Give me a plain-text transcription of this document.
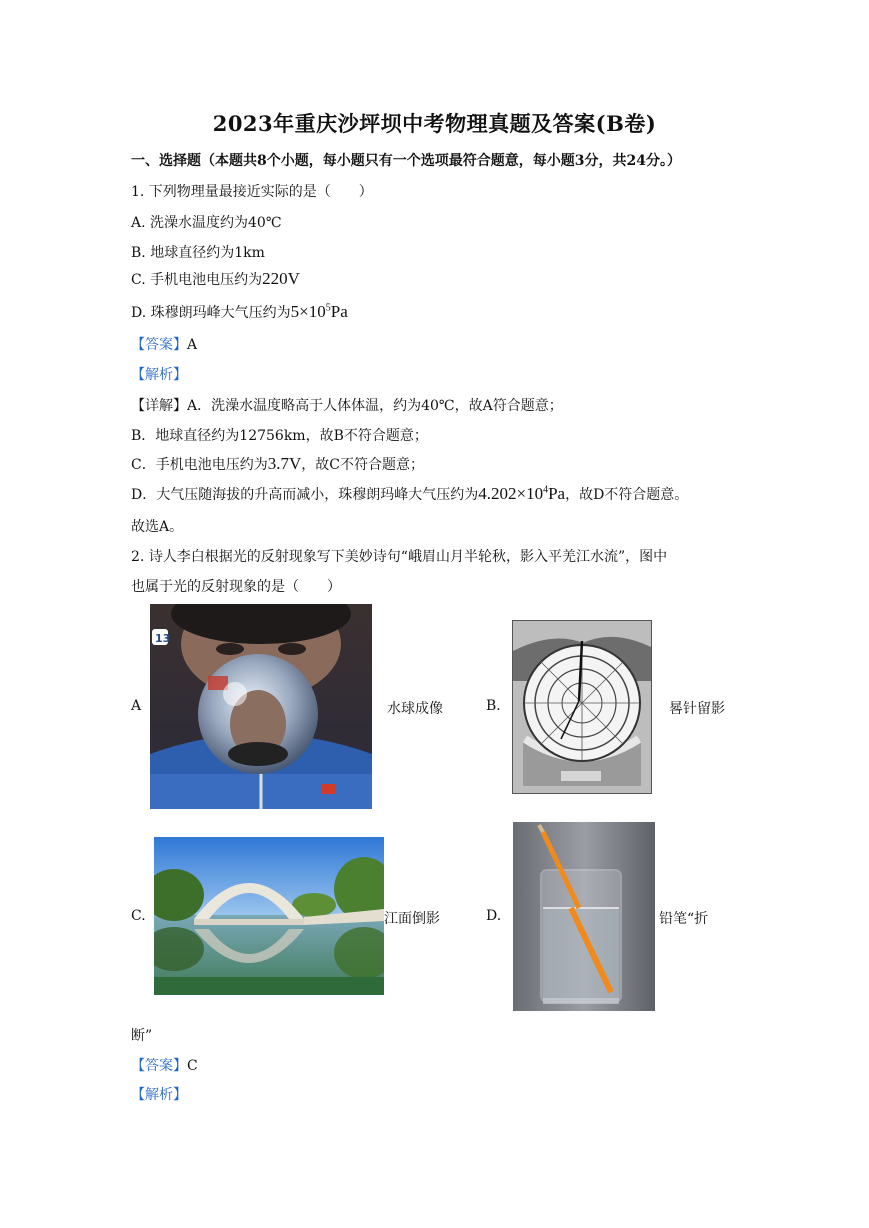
2023年重庆沙坪坝中考物理真题及答案(B卷)
一、选择题（本题共8个小题，每小题只有一个选项最符合题意，每小题3分，共24分。）
1. 下列物理量最接近实际的是（　　）
A. 洗澡水温度约为40℃
B. 地球直径约为1km
C. 手机电池电压约为220V
D. 珠穆朗玛峰大气压约为$5\times 10^5Pa$
【答案】A
【解析】
【详解】A．洗澡水温度略高于人体体温，约为40℃，故A符合题意；
B．地球直径约为12756km，故B不符合题意；
C．手机电池电压约为3.7V，故C不符合题意；
D．大气压随海拔的升高而减小，珠穆朗玛峰大气压约为$4.202\times 10^4Pa$，故D不符合题意。
故选A。
2. 诗人李白根据光的反射现象写下美妙诗句“峨眉山月半轮秋，影入平羌江水流”，图中
也属于光的反射现象的是（　　）
A
13
水球成像	B.	晷针留影
C.	江面倒影	D.	铅笔“折
断”
【答案】C
【解析】
